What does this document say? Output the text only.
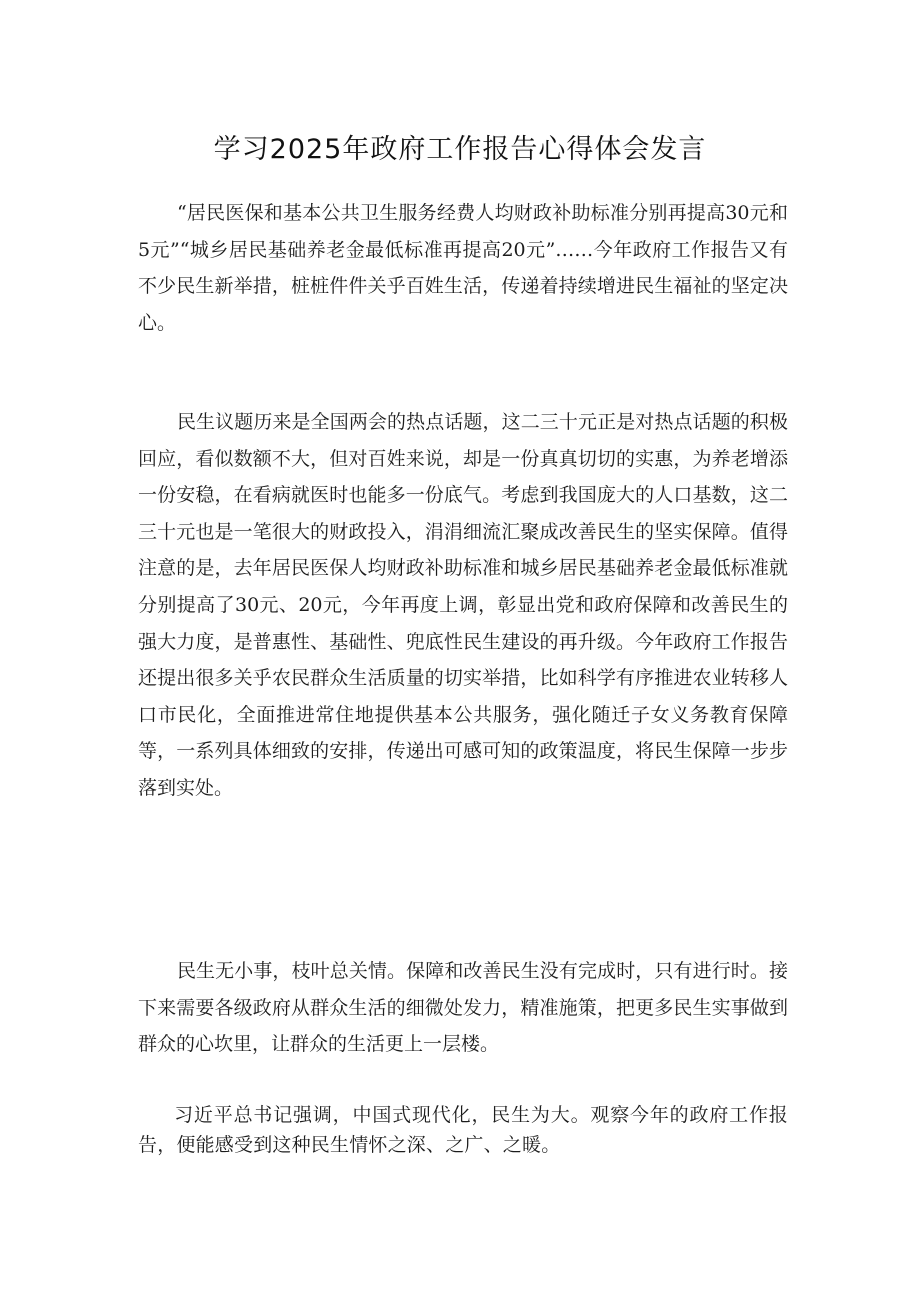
学习2025年政府工作报告心得体会发言

“居民医保和基本公共卫生服务经费人均财政补助标准分别再提高30元和5元”“城乡居民基础养老金最低标准再提高20元”……今年政府工作报告又有不少民生新举措，桩桩件件关乎百姓生活，传递着持续增进民生福祉的坚定决心。

民生议题历来是全国两会的热点话题，这二三十元正是对热点话题的积极回应，看似数额不大，但对百姓来说，却是一份真真切切的实惠，为养老增添一份安稳，在看病就医时也能多一份底气。考虑到我国庞大的人口基数，这二三十元也是一笔很大的财政投入，涓涓细流汇聚成改善民生的坚实保障。值得注意的是，去年居民医保人均财政补助标准和城乡居民基础养老金最低标准就分别提高了30元、20元，今年再度上调，彰显出党和政府保障和改善民生的强大力度，是普惠性、基础性、兜底性民生建设的再升级。今年政府工作报告还提出很多关乎农民群众生活质量的切实举措，比如科学有序推进农业转移人口市民化，全面推进常住地提供基本公共服务，强化随迁子女义务教育保障等，一系列具体细致的安排，传递出可感可知的政策温度，将民生保障一步步落到实处。

民生无小事，枝叶总关情。保障和改善民生没有完成时，只有进行时。接下来需要各级政府从群众生活的细微处发力，精准施策，把更多民生实事做到群众的心坎里，让群众的生活更上一层楼。

习近平总书记强调，中国式现代化，民生为大。观察今年的政府工作报告，便能感受到这种民生情怀之深、之广、之暖。
